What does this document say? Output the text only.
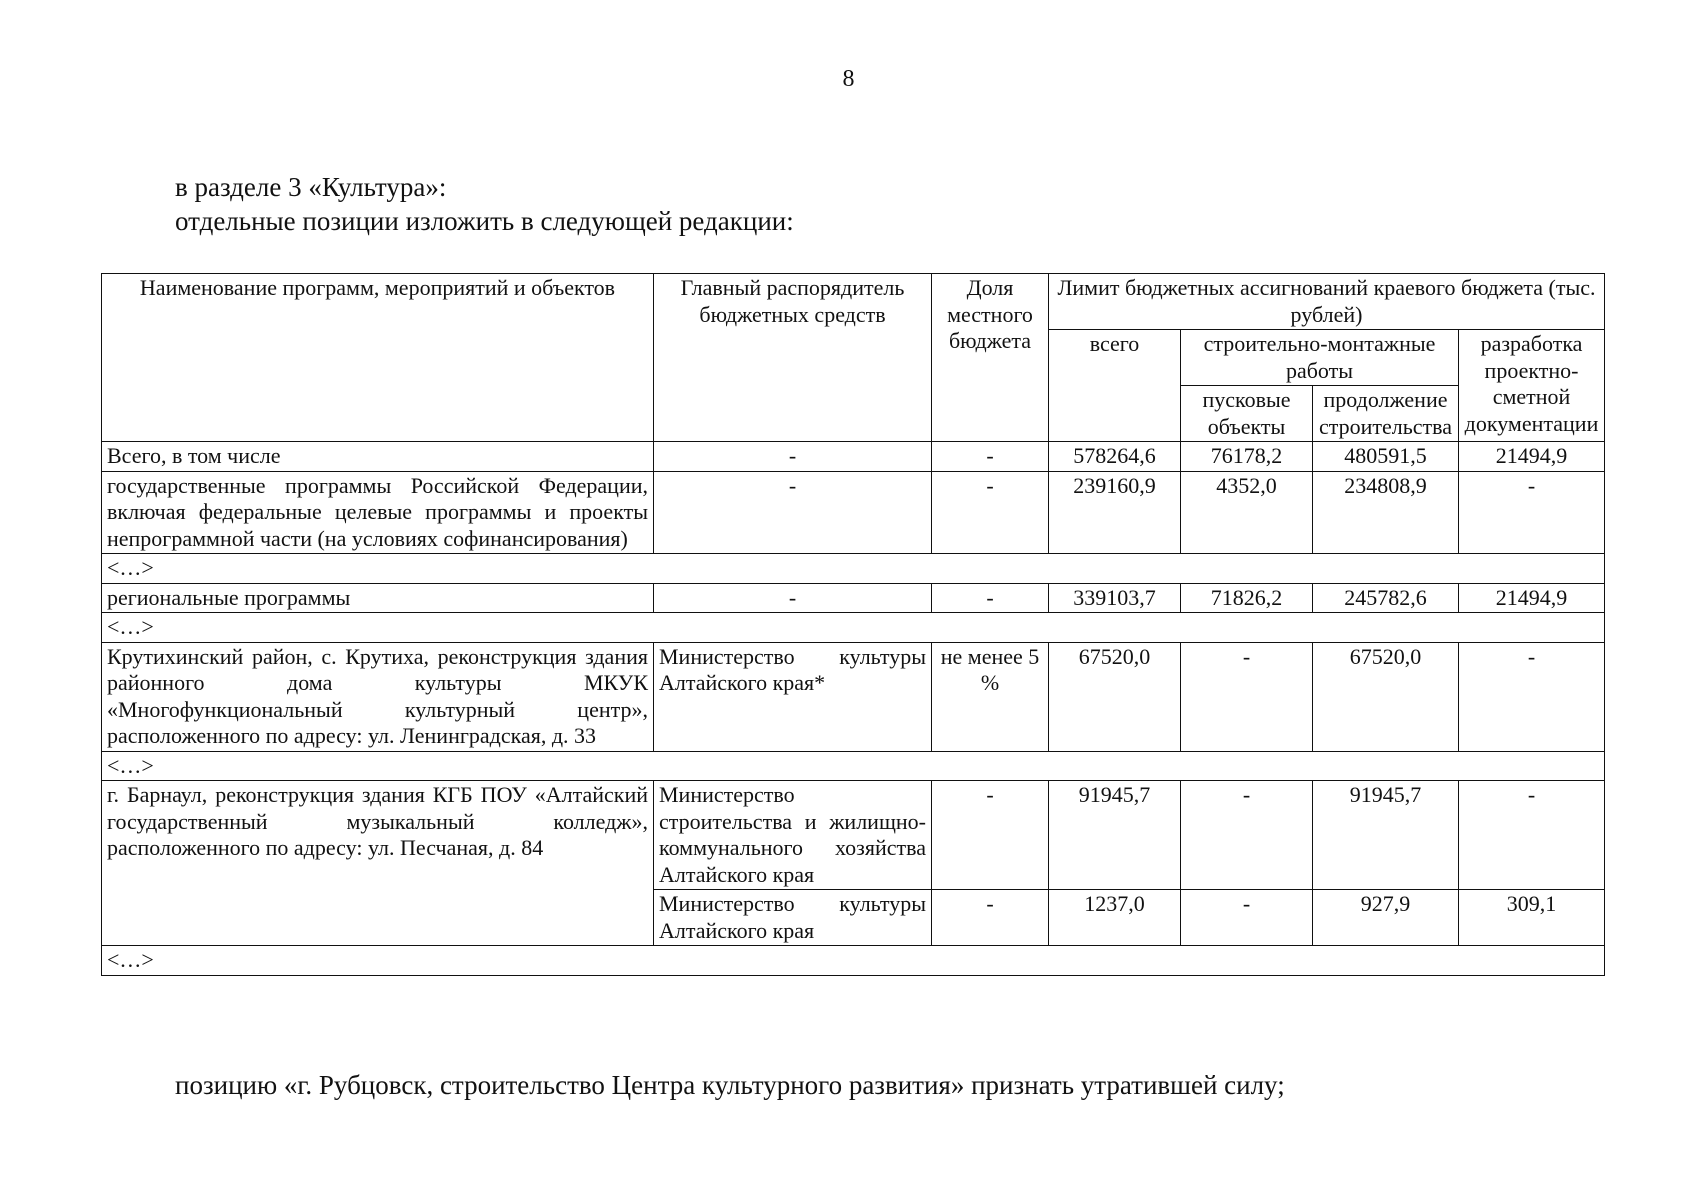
8

в разделе 3 «Культура»:

отдельные позиции изложить в следующей редакции:

Наименование программ, мероприятий и объектов	Главный распорядитель бюджетных средств	Доля местного бюджета	Лимит бюджетных ассигнований краевого бюджета (тыс. рублей)			
			всего	строительно-монтажные работы		разработка проектно-сметной документации
				пусковые объекты	продолжение строительства	
Всего, в том числе	-	-	578264,6	76178,2	480591,5	21494,9
государственные программы Российской Федерации, включая федеральные целевые программы и проекты непрограммной части (на условиях софинансирования)	-	-	239160,9	4352,0	234808,9	-
<…>						
региональные программы	-	-	339103,7	71826,2	245782,6	21494,9
<…>						
Крутихинский район, с. Крутиха, реконструкция здания районного дома культуры МКУК «Многофункциональный культурный центр», расположенного по адресу: ул. Ленинградская, д. 33	Министерство культуры Алтайского края*	не менее 5 %	67520,0	-	67520,0	-
<…>						
г. Барнаул, реконструкция здания КГБ ПОУ «Алтайский государственный музыкальный колледж», расположенного по адресу: ул. Песчаная, д. 84	Министерство строительства и жилищно-коммунального хозяйства Алтайского края	-	91945,7	-	91945,7	-
	Министерство культуры Алтайского края	-	1237,0	-	927,9	309,1
<…>						
позицию «г. Рубцовск, строительство Центра культурного развития» признать утратившей силу;
